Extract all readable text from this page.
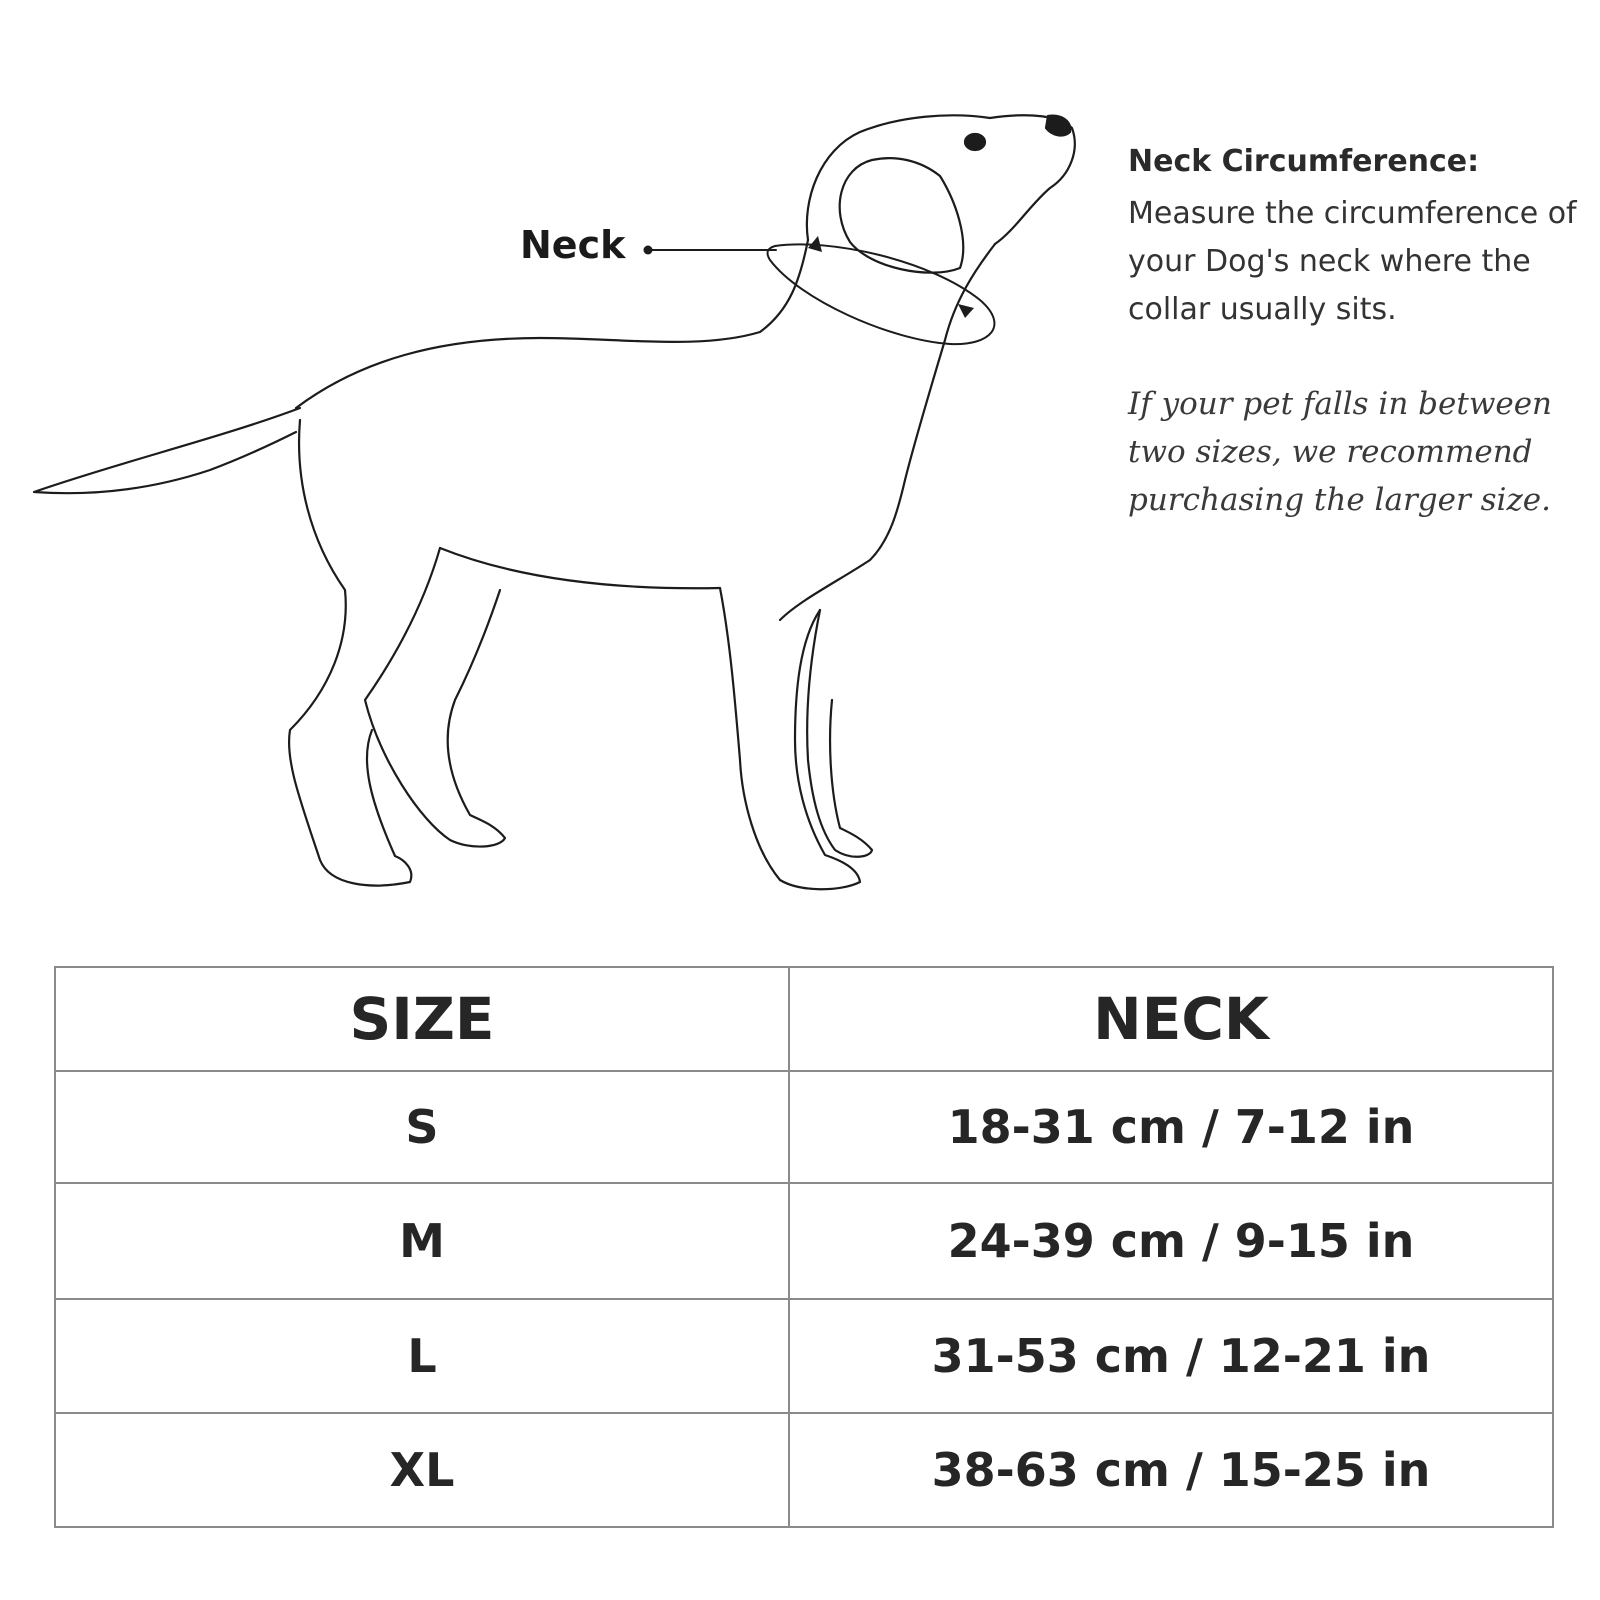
Neck
Neck Circumference:
Measure the circumference of your Dog's neck where the collar usually sits.
If your pet falls in between two sizes, we recommend purchasing the larger size.
SIZE	NECK
S	18-31 cm / 7-12 in
M	24-39 cm / 9-15 in
L	31-53 cm / 12-21 in
XL	38-63 cm / 15-25 in
